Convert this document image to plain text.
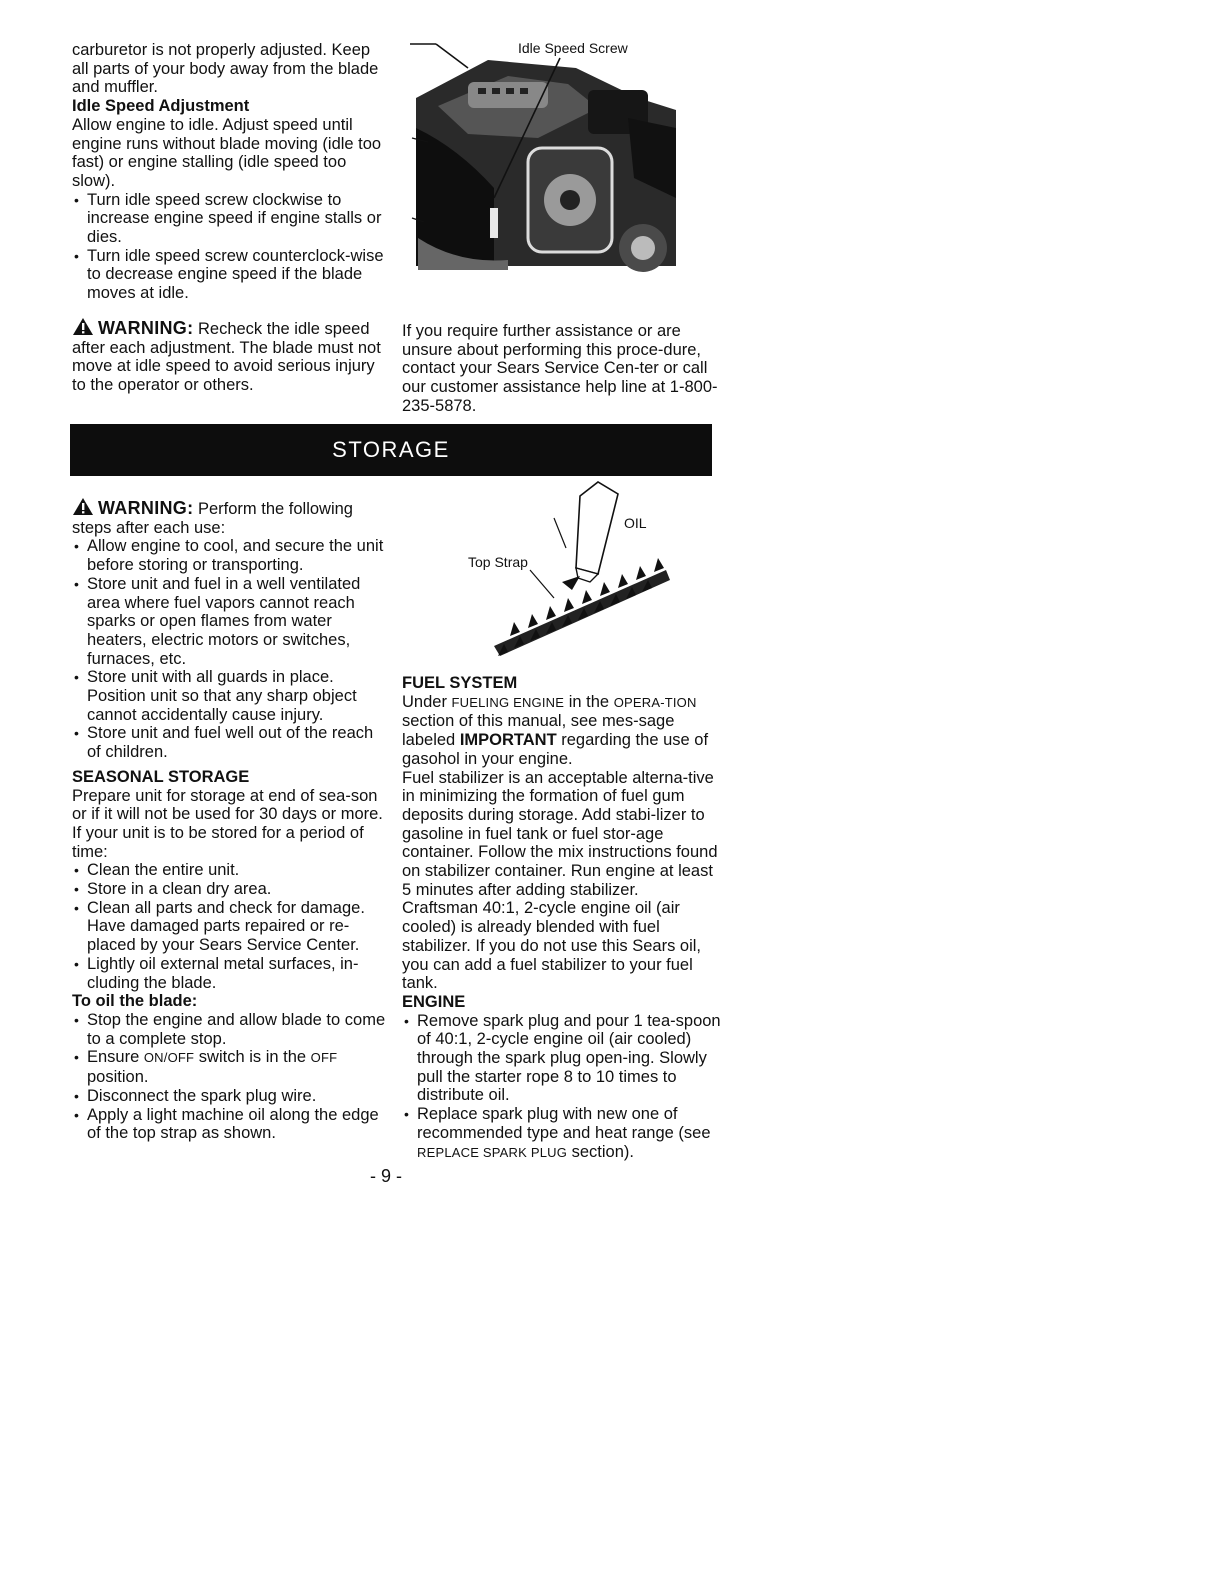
carburetor is not properly adjusted. Keep all parts of your body away from the blade and muffler.

Idle Speed Adjustment

Allow engine to idle. Adjust speed until engine runs without blade moving (idle too fast) or engine stalling (idle speed too slow).

• Turn idle speed screw clockwise to increase engine speed if engine stalls or dies.
• Turn idle speed screw counterclock-wise to decrease engine speed if the blade moves at idle.

WARNING: Recheck the idle speed after each adjustment. The blade must not move at idle speed to avoid serious injury to the operator or others.

Idle Speed Screw

If you require further assistance or are unsure about performing this proce-dure, contact your Sears Service Cen-ter or call our customer assistance help line at 1-800-235-5878.

STORAGE

WARNING: Perform the following steps after each use:

• Allow engine to cool, and secure the unit before storing or transporting.
• Store unit and fuel in a well ventilated area where fuel vapors cannot reach sparks or open flames from water heaters, electric motors or switches, furnaces, etc.
• Store unit with all guards in place. Position unit so that any sharp object cannot accidentally cause injury.
• Store unit and fuel well out of the reach of children.

SEASONAL STORAGE

Prepare unit for storage at end of sea-son or if it will not be used for 30 days or more.

If your unit is to be stored for a period of time:

• Clean the entire unit.
• Store in a clean dry area.
• Clean all parts and check for damage. Have damaged parts repaired or re-placed by your Sears Service Center.
• Lightly oil external metal surfaces, in-cluding the blade.

To oil the blade:

• Stop the engine and allow blade to come to a complete stop.
• Ensure ON/OFF switch is in the OFF position.
• Disconnect the spark plug wire.
• Apply a light machine oil along the edge of the top strap as shown.
OIL
Top Strap

FUEL SYSTEM

Under FUELING ENGINE in the OPERA-TION section of this manual, see mes-sage labeled IMPORTANT regarding the use of gasohol in your engine.

Fuel stabilizer is an acceptable alterna-tive in minimizing the formation of fuel gum deposits during storage. Add stabi-lizer to gasoline in fuel tank or fuel stor-age container. Follow the mix instructions found on stabilizer container. Run engine at least 5 minutes after adding stabilizer.

Craftsman 40:1, 2-cycle engine oil (air cooled) is already blended with fuel stabilizer. If you do not use this Sears oil, you can add a fuel stabilizer to your fuel tank.

ENGINE

• Remove spark plug and pour 1 tea-spoon of 40:1, 2-cycle engine oil (air cooled) through the spark plug open-ing. Slowly pull the starter rope 8 to 10 times to distribute oil.
• Replace spark plug with new one of recommended type and heat range (see REPLACE SPARK PLUG section).
- 9 -
